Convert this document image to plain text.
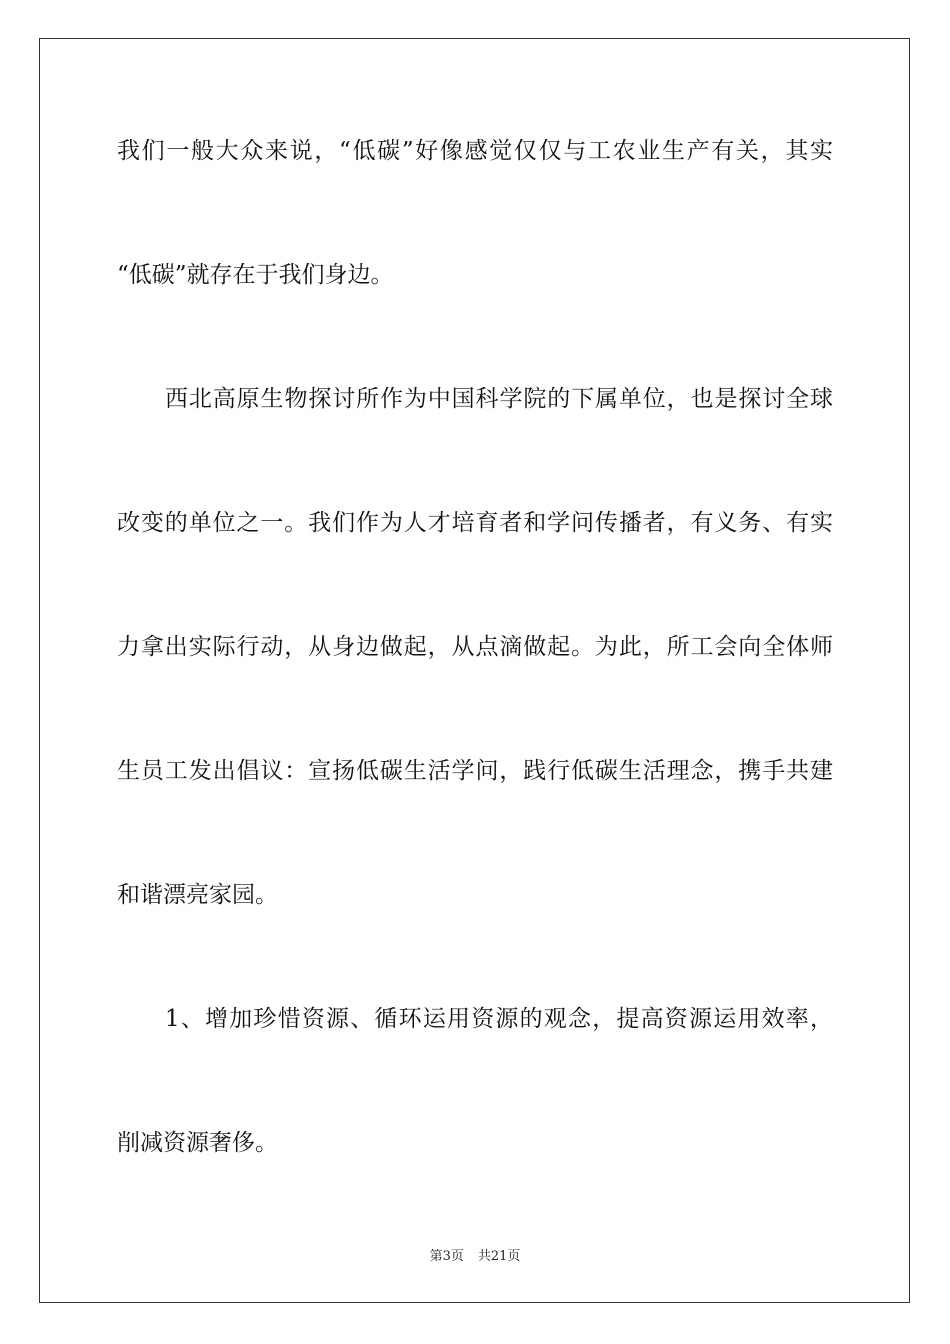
我们一般大众来说，“低碳”好像感觉仅仅与工农业生产有关，其实
“低碳”就存在于我们身边。
西北高原生物探讨所作为中国科学院的下属单位，也是探讨全球
改变的单位之一。我们作为人才培育者和学问传播者，有义务、有实
力拿出实际行动，从身边做起，从点滴做起。为此，所工会向全体师
生员工发出倡议：宣扬低碳生活学问，践行低碳生活理念，携手共建
和谐漂亮家园。
1、增加珍惜资源、循环运用资源的观念，提高资源运用效率，
削减资源奢侈。
第3页 共21页
